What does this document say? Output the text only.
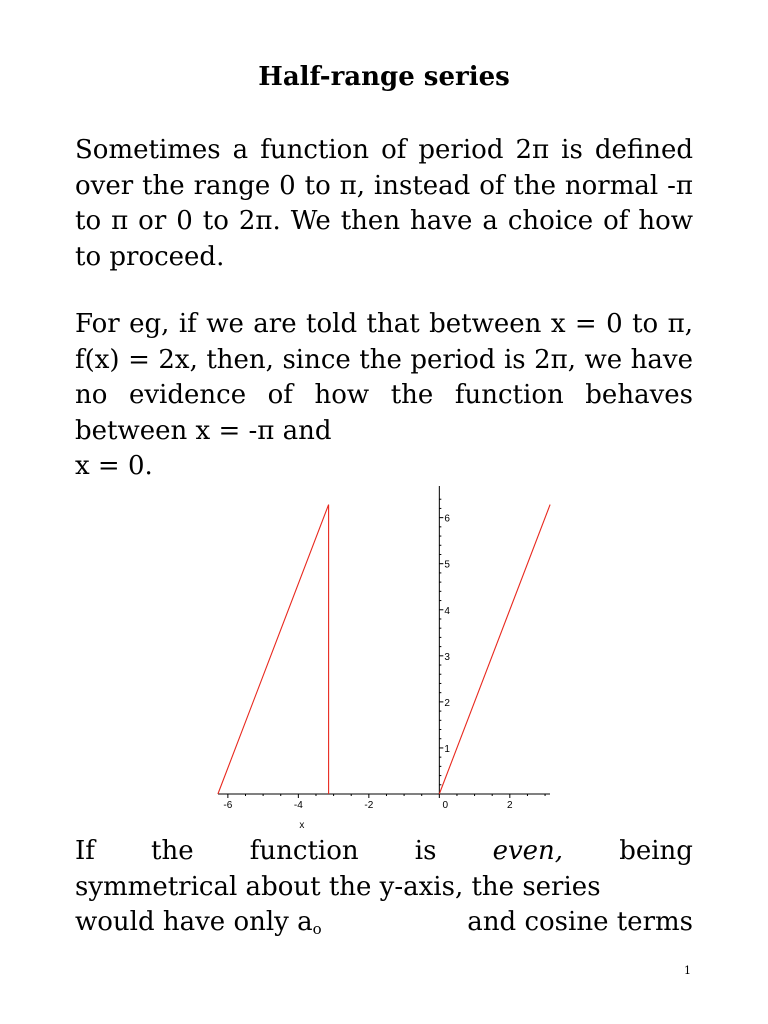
Half-range series

Sometimes a function of period 2π is defined over the range 0 to π, instead of the normal -π to π or 0 to 2π. We then have a choice of how to proceed.

For eg, if we are told that between x = 0 to π, f(x) = 2x, then, since the period is 2π, we have no evidence of how the function behaves between x = -π and
x = 0.
-6	-4	-2	0	2
1
2
3
4
5
6
x
If the function is even, being
symmetrical about the y-axis, the series
would have only $a_o$	and cosine terms
1
